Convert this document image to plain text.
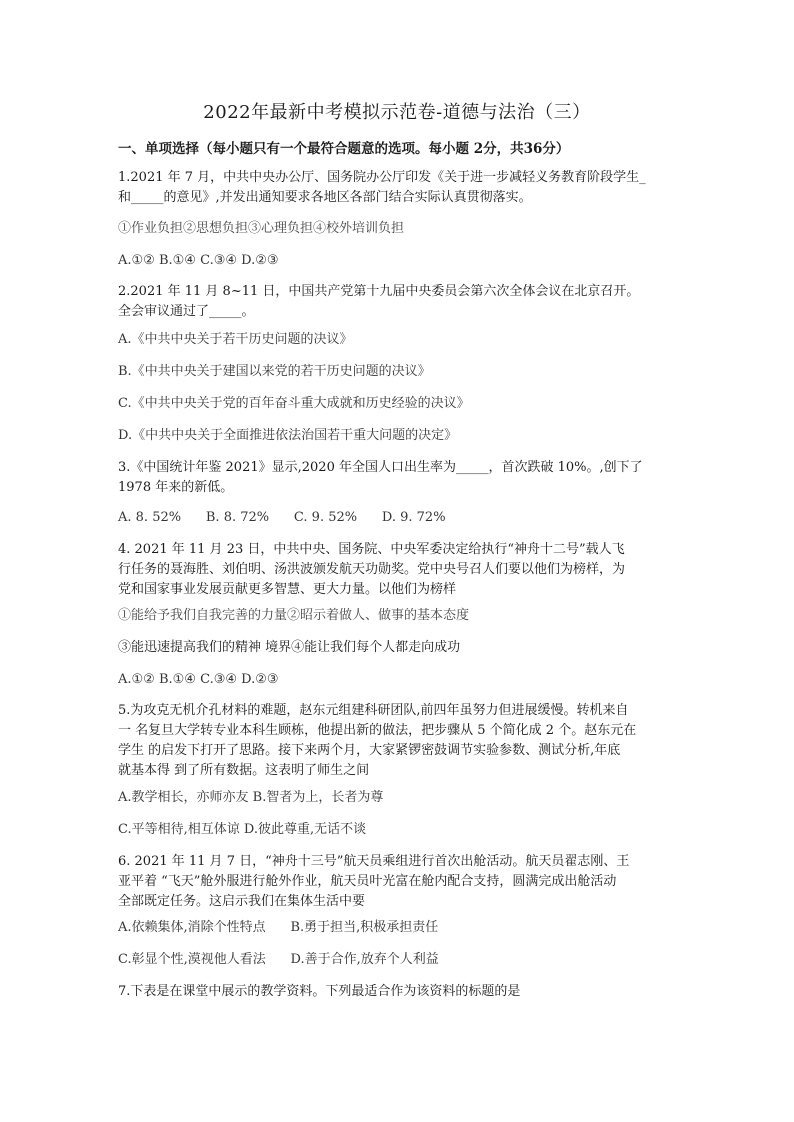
2022年最新中考模拟示范卷-道德与法治（三）
一、单项选择（每小题只有一个最符合题意的选项。每小题 2分，共36分）
1.2021 年 7 月，中共中央办公厅、国务院办公厅印发《关于进一步减轻义务教育阶段学生_
和_____的意见》,并发出通知要求各地区各部门结合实际认真贯彻落实。
①作业负担②思想负担③心理负担④校外培训负担
A.①② B.①④ C.③④ D.②③
2.2021 年 11 月 8~11 日，中国共产党第十九届中央委员会第六次全体会议在北京召开。
全会审议通过了_____。
A.《中共中央关于若干历史问题的决议》
B.《中共中央关于建国以来党的若干历史问题的决议》
C.《中共中央关于党的百年奋斗重大成就和历史经验的决议》
D.《中共中央关于全面推进依法治国若干重大问题的决定》
3.《中国统计年鉴 2021》显示,2020 年全国人口出生率为_____，首次跌破 10%。,创下了
1978 年来的新低。
A. 8. 52%      B. 8. 72%      C. 9. 52%      D. 9. 72%
4. 2021 年 11 月 23 日，中共中央、国务院、中央军委决定给执行“神舟十二号”载人飞
行任务的聂海胜、刘伯明、汤洪波颁发航天功勋奖。党中央号召人们要以他们为榜样，为
党和国家事业发展贡献更多智慧、更大力量。以他们为榜样
①能给予我们自我完善的力量②昭示着做人、做事的基本态度
③能迅速提高我们的精神 境界④能让我们每个人都走向成功
A.①② B.①④ C.③④ D.②③
5.为攻克无机介孔材料的难题，赵东元组建科研团队,前四年虽努力但进展缓慢。转机来自
一 名复旦大学转专业本科生顾栋，他提出新的做法，把步骤从 5 个简化成 2 个。赵东元在
学生 的启发下打开了思路。接下来两个月，大家紧锣密鼓调节实验参数、测试分析,年底
就基本得 到了所有数据。这表明了师生之间
A.教学相长，亦师亦友 B.智者为上，长者为尊
C.平等相待,相互体谅 D.彼此尊重,无话不谈
6. 2021 年 11 月 7 日，“神舟十三号”航天员乘组进行首次出舱活动。航天员翟志刚、王
亚平着 “飞天”舱外服进行舱外作业，航天员叶光富在舱内配合支持，圆满完成出舱活动
全部既定任务。这启示我们在集体生活中要
A.依赖集体,消除个性特点      B.勇于担当,积极承担责任
C.彰显个性,漠视他人看法      D.善于合作,放弃个人利益
7.下表是在课堂中展示的教学资料。下列最适合作为该资料的标题的是
